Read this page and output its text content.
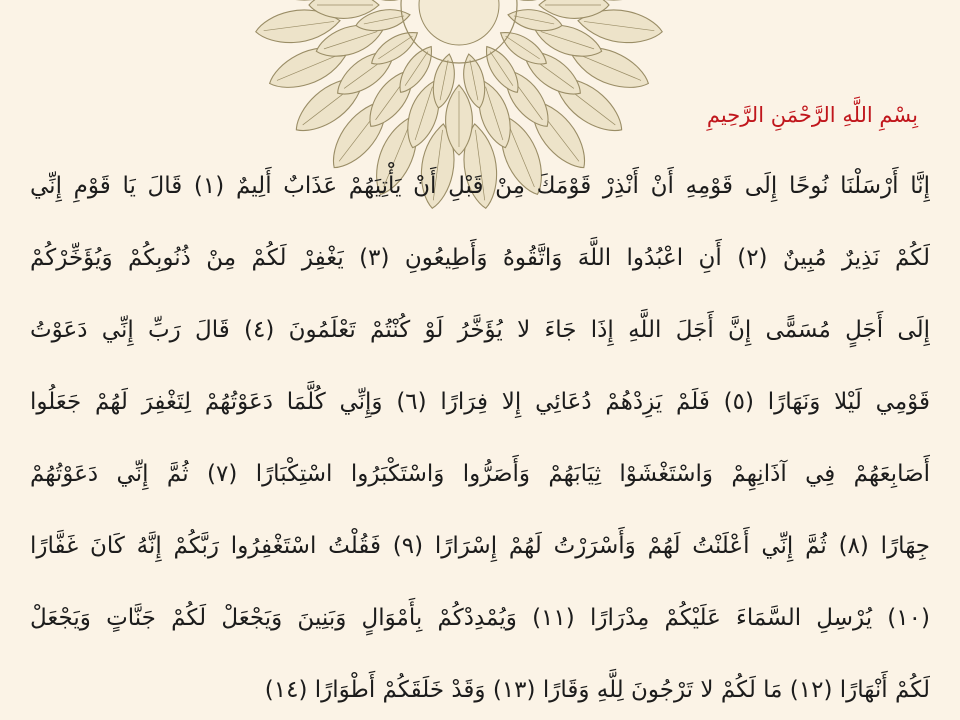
بِسْمِ اللَّهِ الرَّحْمَنِ الرَّحِيمِ
إِنَّا أَرْسَلْنَا نُوحًا إِلَى قَوْمِهِ أَنْ أَنْذِرْ قَوْمَكَ مِنْ قَبْلِ أَنْ يَأْتِيَهُمْ عَذَابٌ أَلِيمٌ (١) قَالَ يَا قَوْمِ إِنِّي
لَكُمْ نَذِيرٌ مُبِينٌ (٢) أَنِ اعْبُدُوا اللَّهَ وَاتَّقُوهُ وَأَطِيعُونِ (٣) يَغْفِرْ لَكُمْ مِنْ ذُنُوبِكُمْ وَيُؤَخِّرْكُمْ
إِلَى أَجَلٍ مُسَمًّى إِنَّ أَجَلَ اللَّهِ إِذَا جَاءَ لا يُؤَخَّرُ لَوْ كُنْتُمْ تَعْلَمُونَ (٤) قَالَ رَبِّ إِنِّي دَعَوْتُ
قَوْمِي لَيْلا وَنَهَارًا (٥) فَلَمْ يَزِدْهُمْ دُعَائِي إِلا فِرَارًا (٦) وَإِنِّي كُلَّمَا دَعَوْتُهُمْ لِتَغْفِرَ لَهُمْ جَعَلُوا
أَصَابِعَهُمْ فِي آذَانِهِمْ وَاسْتَغْشَوْا ثِيَابَهُمْ وَأَصَرُّوا وَاسْتَكْبَرُوا اسْتِكْبَارًا (٧) ثُمَّ إِنِّي دَعَوْتُهُمْ
جِهَارًا (٨) ثُمَّ إِنِّي أَعْلَنْتُ لَهُمْ وَأَسْرَرْتُ لَهُمْ إِسْرَارًا (٩) فَقُلْتُ اسْتَغْفِرُوا رَبَّكُمْ إِنَّهُ كَانَ غَفَّارًا
(١٠) يُرْسِلِ السَّمَاءَ عَلَيْكُمْ مِدْرَارًا (١١) وَيُمْدِدْكُمْ بِأَمْوَالٍ وَبَنِينَ وَيَجْعَلْ لَكُمْ جَنَّاتٍ وَيَجْعَلْ
لَكُمْ أَنْهَارًا (١٢) مَا لَكُمْ لا تَرْجُونَ لِلَّهِ وَقَارًا (١٣) وَقَدْ خَلَقَكُمْ أَطْوَارًا (١٤)
